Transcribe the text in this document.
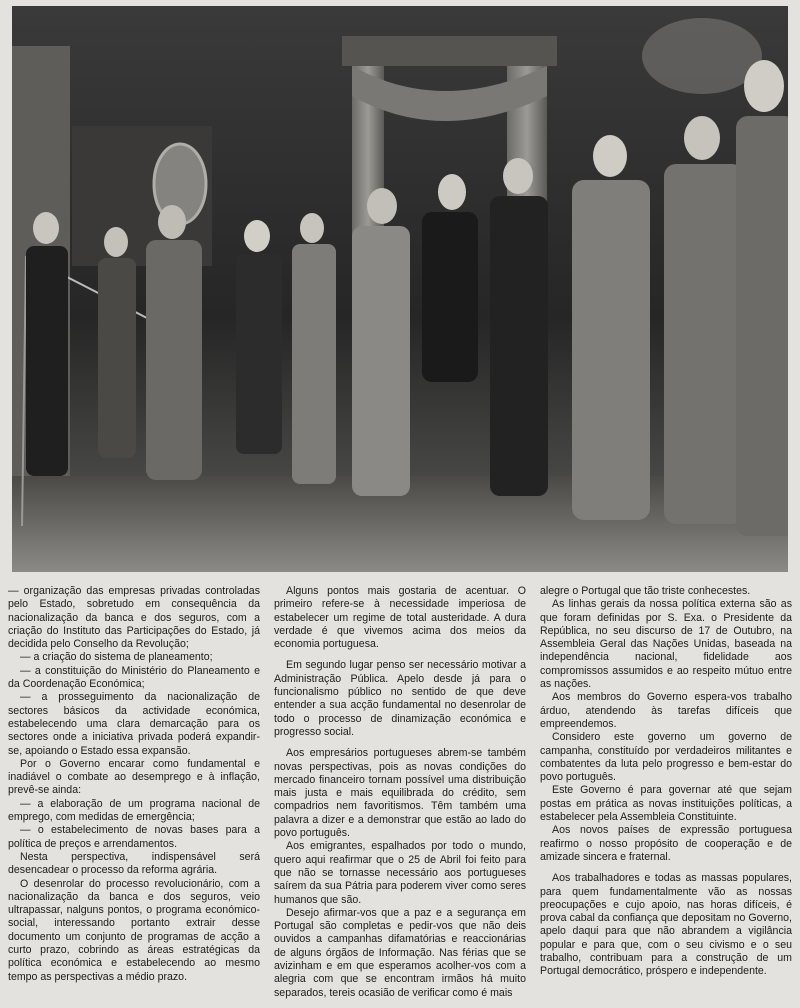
— organização das empresas privadas controladas pelo Estado, sobretudo em consequência da nacionalização da banca e dos seguros, com a criação do Instituto das Participações do Estado, já decidida pelo Conselho da Revolução;

— a criação do sistema de planeamento;

— a constituição do Ministério do Planeamento e da Coordenação Económica;

— a prosseguimento da nacionalização de sectores básicos da actividade económica, estabelecendo uma clara demarcação para os sectores onde a iniciativa privada poderá expandir-se, apoiando o Estado essa expansão.

Por o Governo encarar como fundamental e inadiável o combate ao desemprego e à inflação, prevê-se ainda:

— a elaboração de um programa nacional de emprego, com medidas de emergência;

— o estabelecimento de novas bases para a política de preços e arrendamentos.

Nesta perspectiva, indispensável será desencadear o processo da reforma agrária.

O desenrolar do processo revolucionário, com a nacionalização da banca e dos seguros, veio ultrapassar, nalguns pontos, o programa económico-social, interessando portanto extrair desse documento um conjunto de programas de acção a curto prazo, cobrindo as áreas estratégicas da política económica e estabelecendo ao mesmo tempo as perspectivas a médio prazo.

Alguns pontos mais gostaria de acentuar. O primeiro refere-se à necessidade imperiosa de estabelecer um regime de total austeridade. A dura verdade é que vivemos acima dos meios da economia portuguesa.

Em segundo lugar penso ser necessário motivar a Administração Pública. Apelo desde já para o funcionalismo público no sentido de que deve entender a sua acção fundamental no desenrolar de todo o processo de dinamização económica e progresso social.

Aos empresários portugueses abrem-se também novas perspectivas, pois as novas condições do mercado financeiro tornam possível uma distribuição mais justa e mais equilibrada do crédito, sem compadrios nem favoritismos. Têm também uma palavra a dizer e a demonstrar que estão ao lado do povo português.

Aos emigrantes, espalhados por todo o mundo, quero aqui reafirmar que o 25 de Abril foi feito para que não se tornasse necessário aos portugueses saírem da sua Pátria para poderem viver como seres humanos que são.

Desejo afirmar-vos que a paz e a segurança em Portugal são completas e pedir-vos que não deis ouvidos a campanhas difamatórias e reaccionárias de alguns órgãos de Informação. Nas férias que se avizinham e em que esperamos acolher-vos com a alegria com que se encontram irmãos há muito separados, tereis ocasião de verificar como é mais

alegre o Portugal que tão triste conhecestes.

As linhas gerais da nossa política externa são as que foram definidas por S. Exa. o Presidente da República, no seu discurso de 17 de Outubro, na Assembleia Geral das Nações Unidas, baseada na independência nacional, fidelidade aos compromissos assumidos e ao respeito mútuo entre as nações.

Aos membros do Governo espera-vos trabalho árduo, atendendo às tarefas difíceis que empreendemos.

Considero este governo um governo de campanha, constituído por verdadeiros militantes e combatentes da luta pelo progresso e bem-estar do povo português.

Este Governo é para governar até que sejam postas em prática as novas instituições políticas, a estabelecer pela Assembleia Constituinte.

Aos novos países de expressão portuguesa reafirmo o nosso propósito de cooperação e de amizade sincera e fraternal.

Aos trabalhadores e todas as massas populares, para quem fundamentalmente vão as nossas preocupações e cujo apoio, nas horas difíceis, é prova cabal da confiança que depositam no Governo, apelo daqui para que não abrandem a vigilância popular e para que, com o seu civismo e o seu trabalho, contribuam para a construção de um Portugal democrático, próspero e independente.
